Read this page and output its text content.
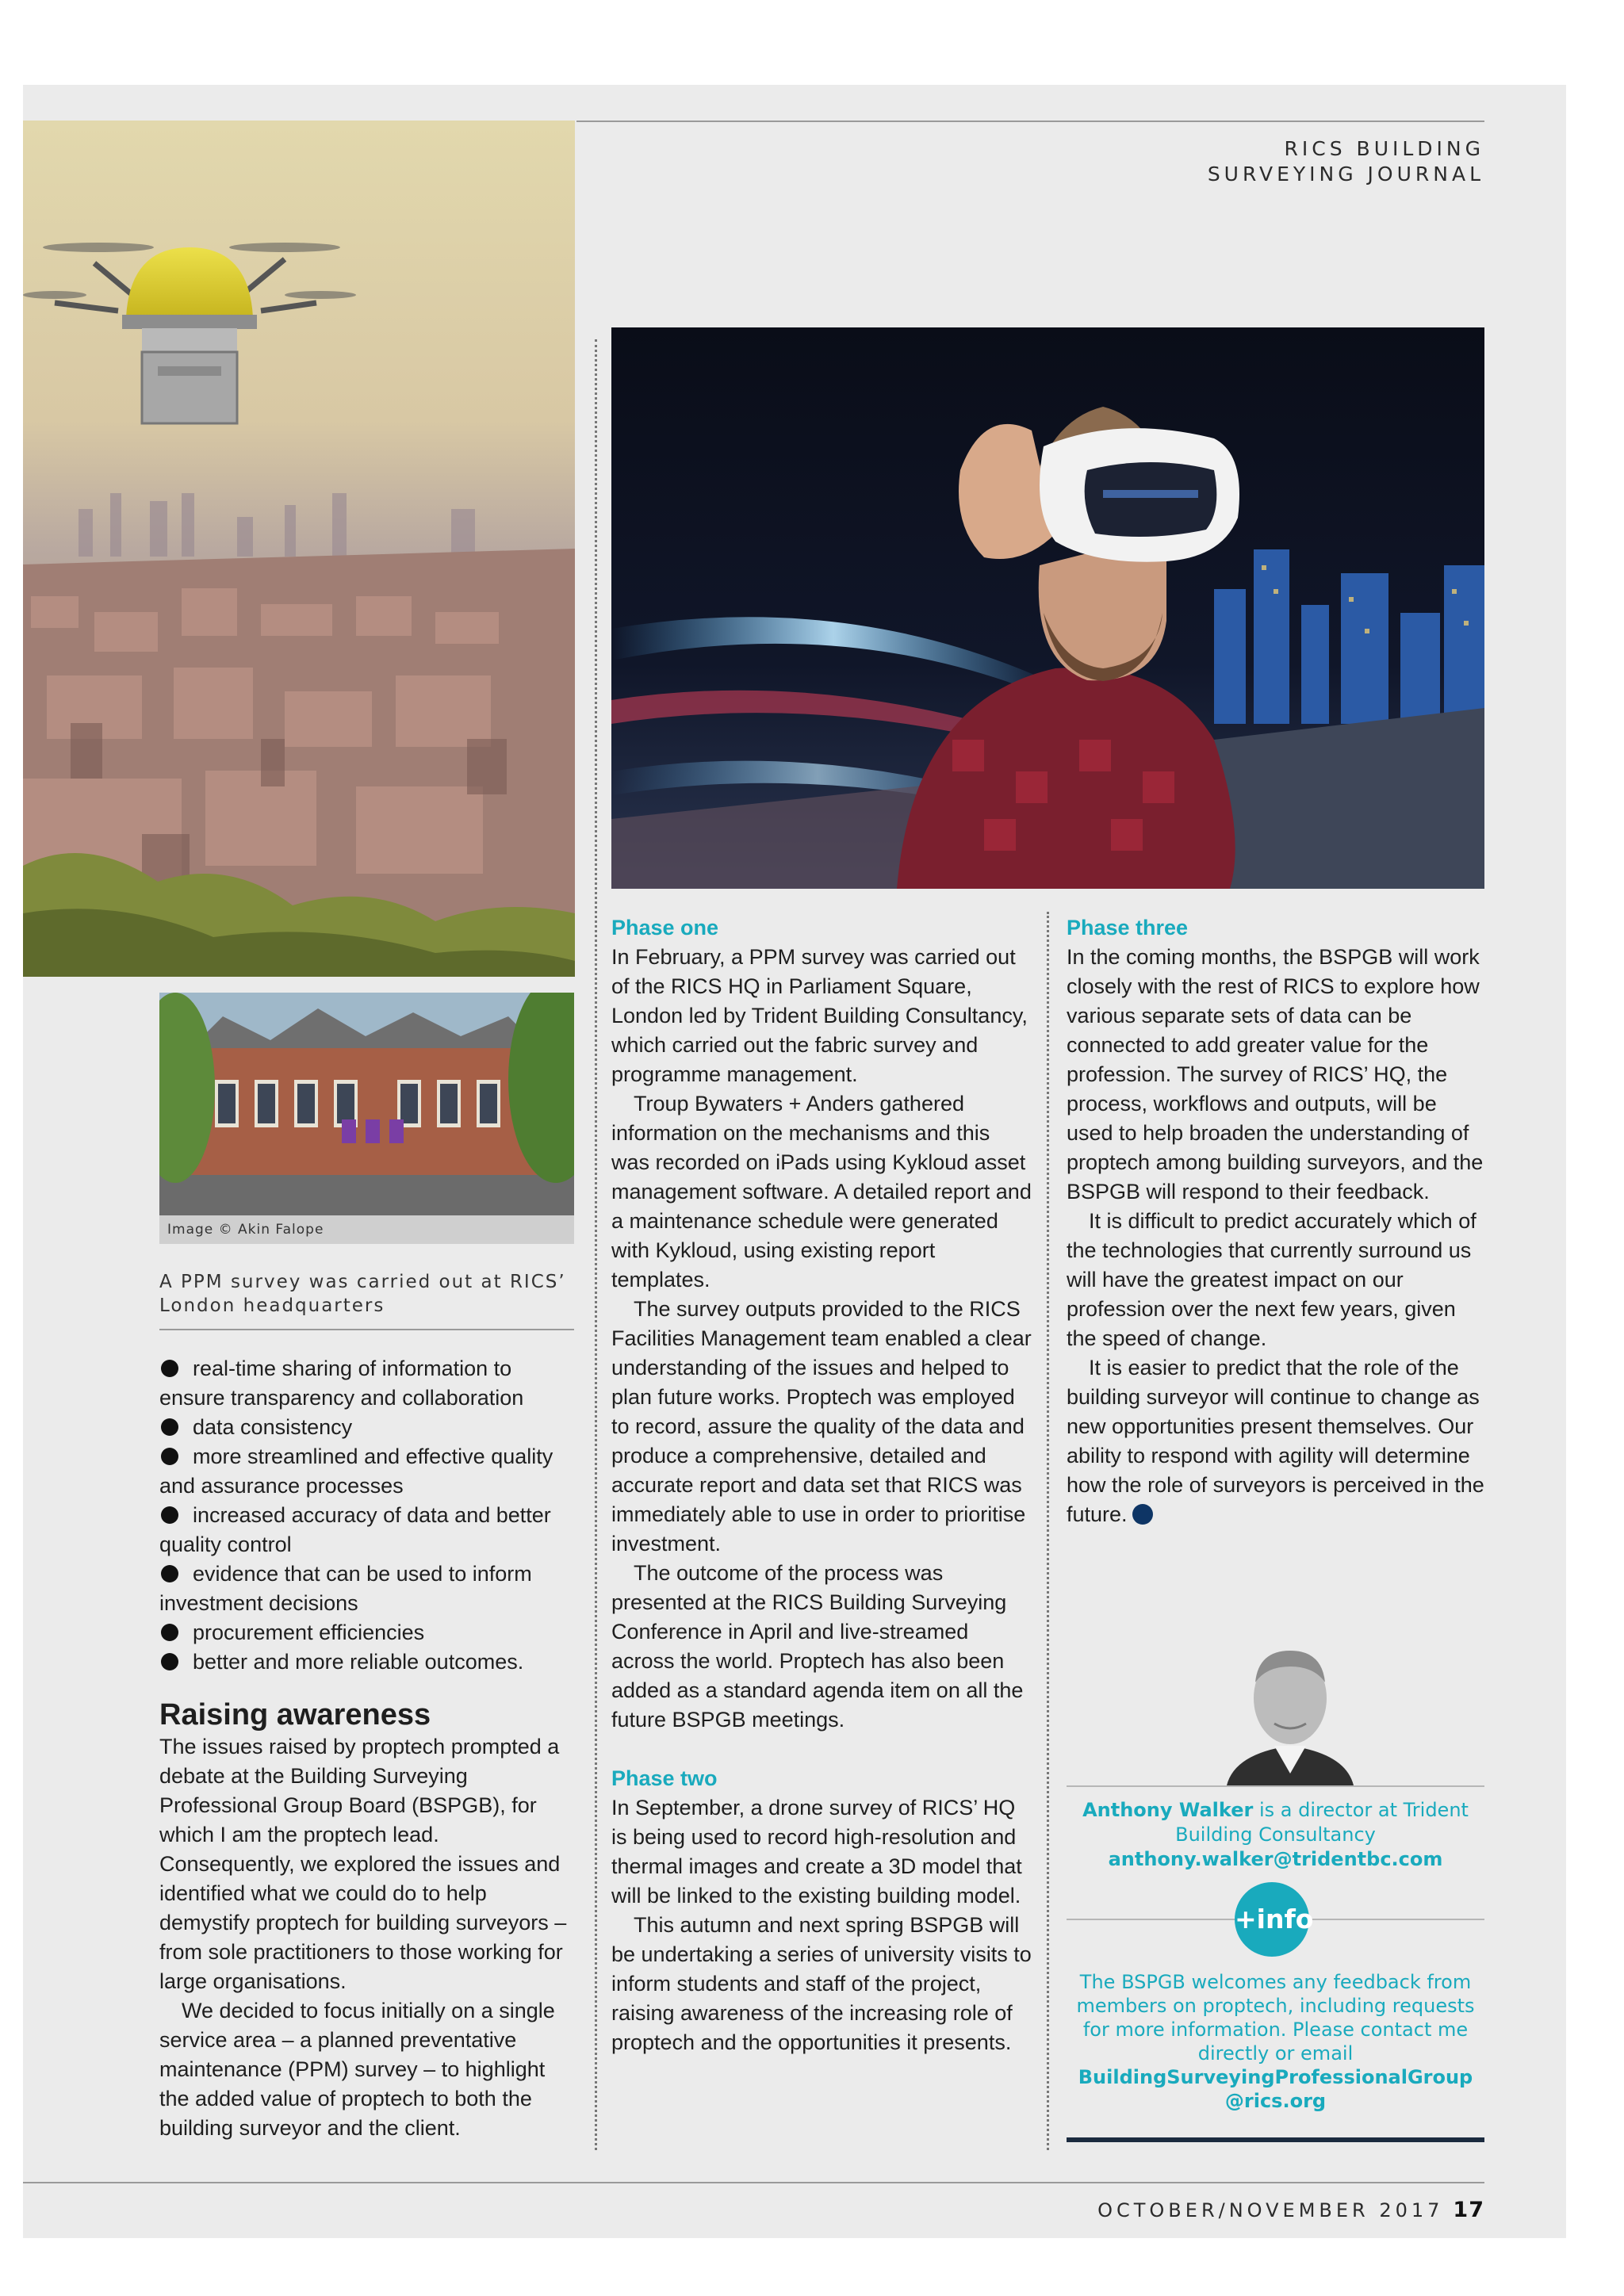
RICS BUILDING
SURVEYING JOURNAL
Image © Akin Falope
A PPM survey was carried out at RICS’ London headquarters
real-time sharing of information to ensure transparency and collaboration
data consistency
more streamlined and effective quality and assurance processes
increased accuracy of data and better quality control
evidence that can be used to inform investment decisions
procurement efficiencies
better and more reliable outcomes.

Raising awareness

The issues raised by proptech prompted a debate at the Building Surveying Professional Group Board (BSPGB), for which I am the proptech lead. Consequently, we explored the issues and identified what we could do to help demystify proptech for building surveyors – from sole practitioners to those working for large organisations.

We decided to focus initially on a single service area – a planned preventative maintenance (PPM) survey – to highlight the added value of proptech to both the building surveyor and the client.

Phase one

In February, a PPM survey was carried out of the RICS HQ in Parliament Square, London led by Trident Building Consultancy, which carried out the fabric survey and programme management.

Troup Bywaters + Anders gathered information on the mechanisms and this was recorded on iPads using Kykloud asset management software. A detailed report and a maintenance schedule were generated with Kykloud, using existing report templates.

The survey outputs provided to the RICS Facilities Management team enabled a clear understanding of the issues and helped to plan future works. Proptech was employed to record, assure the quality of the data and produce a comprehensive, detailed and accurate report and data set that RICS was immediately able to use in order to prioritise investment.

The outcome of the process was presented at the RICS Building Surveying Conference in April and live-streamed across the world. Proptech has also been added as a standard agenda item on all the future BSPGB meetings.

Phase two

In September, a drone survey of RICS’ HQ is being used to record high-resolution and thermal images and create a 3D model that will be linked to the existing building model.

This autumn and next spring BSPGB will be undertaking a series of university visits to inform students and staff of the project, raising awareness of the increasing role of proptech and the opportunities it presents.

Phase three

In the coming months, the BSPGB will work closely with the rest of RICS to explore how various separate sets of data can be connected to add greater value for the profession. The survey of RICS’ HQ, the process, workflows and outputs, will be used to help broaden the understanding of proptech among building surveyors, and the BSPGB will respond to their feedback.

It is difficult to predict accurately which of the technologies that currently surround us will have the greatest impact on our profession over the next few years, given the speed of change.

It is easier to predict that the role of the building surveyor will continue to change as new opportunities present themselves. Our ability to respond with agility will determine how the role of surveyors is perceived in the future.

Anthony Walker is a director at Trident Building Consultancy
anthony.walker@tridentbc.com
+info
The BSPGB welcomes any feedback from members on proptech, including requests for more information. Please contact me directly or email
BuildingSurveyingProfessionalGroup
@rics.org
OCTOBER/NOVEMBER 2017 17
